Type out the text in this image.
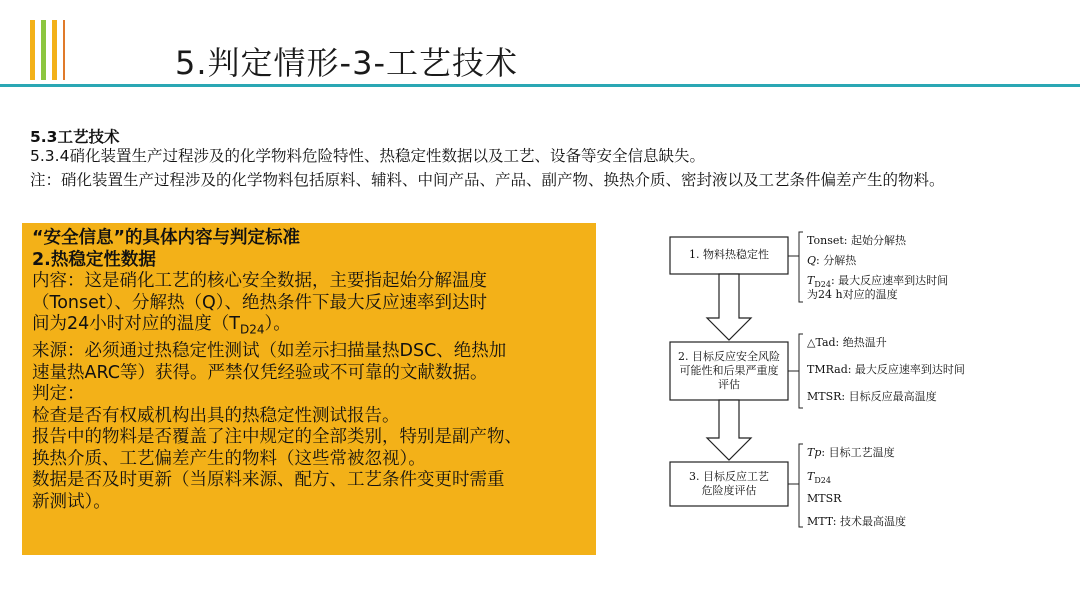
5.判定情形-3-工艺技术
5.3工艺技术
5.3.4硝化装置生产过程涉及的化学物料危险特性、热稳定性数据以及工艺、设备等安全信息缺失。
注：硝化装置生产过程涉及的化学物料包括原料、辅料、中间产品、产品、副产物、换热介质、密封液以及工艺条件偏差产生的物料。
“安全信息”的具体内容与判定标准
2.热稳定性数据
内容：这是硝化工艺的核心安全数据，主要指起始分解温度
（Tonset）、分解热（Q）、绝热条件下最大反应速率到达时
间为24小时对应的温度$(T_{D24})$。
来源：必须通过热稳定性测试（如差示扫描量热DSC、绝热加
速量热ARC等）获得。严禁仅凭经验或不可靠的文献数据。
判定：
检查是否有权威机构出具的热稳定性测试报告。
报告中的物料是否覆盖了注中规定的全部类别，特别是副产物、
换热介质、工艺偏差产生的物料（这些常被忽视）。
数据是否及时更新（当原料来源、配方、工艺条件变更时需重
新测试）。
1. 物料热稳定性
2. 目标反应安全风险
可能性和后果严重度
评估
3. 目标反应工艺
危险度评估
Tonset: 起始分解热
Q: 分解热
$T_{D24}$: 最大反应速率到达时间
为24 h对应的温度
△Tad: 绝热温升
TMRad: 最大反应速率到达时间
MTSR: 目标反应最高温度
Tp: 目标工艺温度
$T_{D24}$
MTSR
MTT: 技术最高温度
